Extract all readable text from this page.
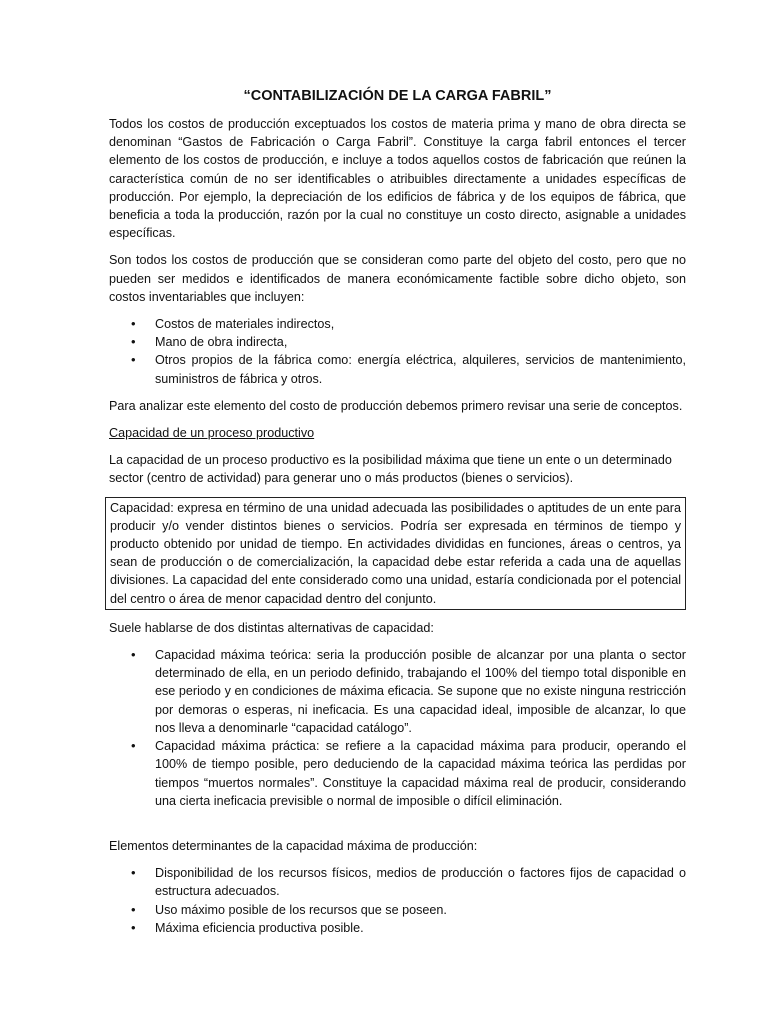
“CONTABILIZACIÓN DE LA CARGA FABRIL”

Todos los costos de producción exceptuados los costos de materia prima y mano de obra directa se denominan “Gastos de Fabricación o Carga Fabril”. Constituye la carga fabril entonces el tercer elemento de los costos de producción, e incluye a todos aquellos costos de fabricación que reúnen la característica común de no ser identificables o atribuibles directamente a unidades específicas de producción. Por ejemplo, la depreciación de los edificios de fábrica y de los equipos de fábrica, que beneficia a toda la producción, razón por la cual no constituye un costo directo, asignable a unidades específicas.

Son todos los costos de producción que se consideran como parte del objeto del costo, pero que no pueden ser medidos e identificados de manera económicamente factible sobre dicho objeto, son costos inventariables que incluyen:

• Costos de materiales indirectos,
• Mano de obra indirecta,
• Otros propios de la fábrica como: energía eléctrica, alquileres, servicios de mantenimiento, suministros de fábrica y otros.

Para analizar este elemento del costo de producción debemos primero revisar una serie de conceptos.

Capacidad de un proceso productivo

La capacidad de un proceso productivo es la posibilidad máxima que tiene un ente o un determinado sector (centro de actividad) para generar uno o más productos (bienes o servicios).

Capacidad: expresa en término de una unidad adecuada las posibilidades o aptitudes de un ente para producir y/o vender distintos bienes o servicios. Podría ser expresada en términos de tiempo y producto obtenido por unidad de tiempo. En actividades divididas en funciones, áreas o centros, ya sean de producción o de comercialización, la capacidad debe estar referida a cada una de aquellas divisiones. La capacidad del ente considerado como una unidad, estaría condicionada por el potencial del centro o área de menor capacidad dentro del conjunto.

Suele hablarse de dos distintas alternativas de capacidad:

• Capacidad máxima teórica: seria la producción posible de alcanzar por una planta o sector determinado de ella, en un periodo definido, trabajando el 100% del tiempo total disponible en ese periodo y en condiciones de máxima eficacia. Se supone que no existe ninguna restricción por demoras o esperas, ni ineficacia. Es una capacidad ideal, imposible de alcanzar, lo que nos lleva a denominarle “capacidad catálogo”.
• Capacidad máxima práctica: se refiere a la capacidad máxima para producir, operando el 100% de tiempo posible, pero deduciendo de la capacidad máxima teórica las perdidas por tiempos “muertos normales”. Constituye la capacidad máxima real de producir, considerando una cierta ineficacia previsible o normal de imposible o difícil eliminación.

Elementos determinantes de la capacidad máxima de producción:

• Disponibilidad de los recursos físicos, medios de producción o factores fijos de capacidad o estructura adecuados.
• Uso máximo posible de los recursos que se poseen.
• Máxima eficiencia productiva posible.
